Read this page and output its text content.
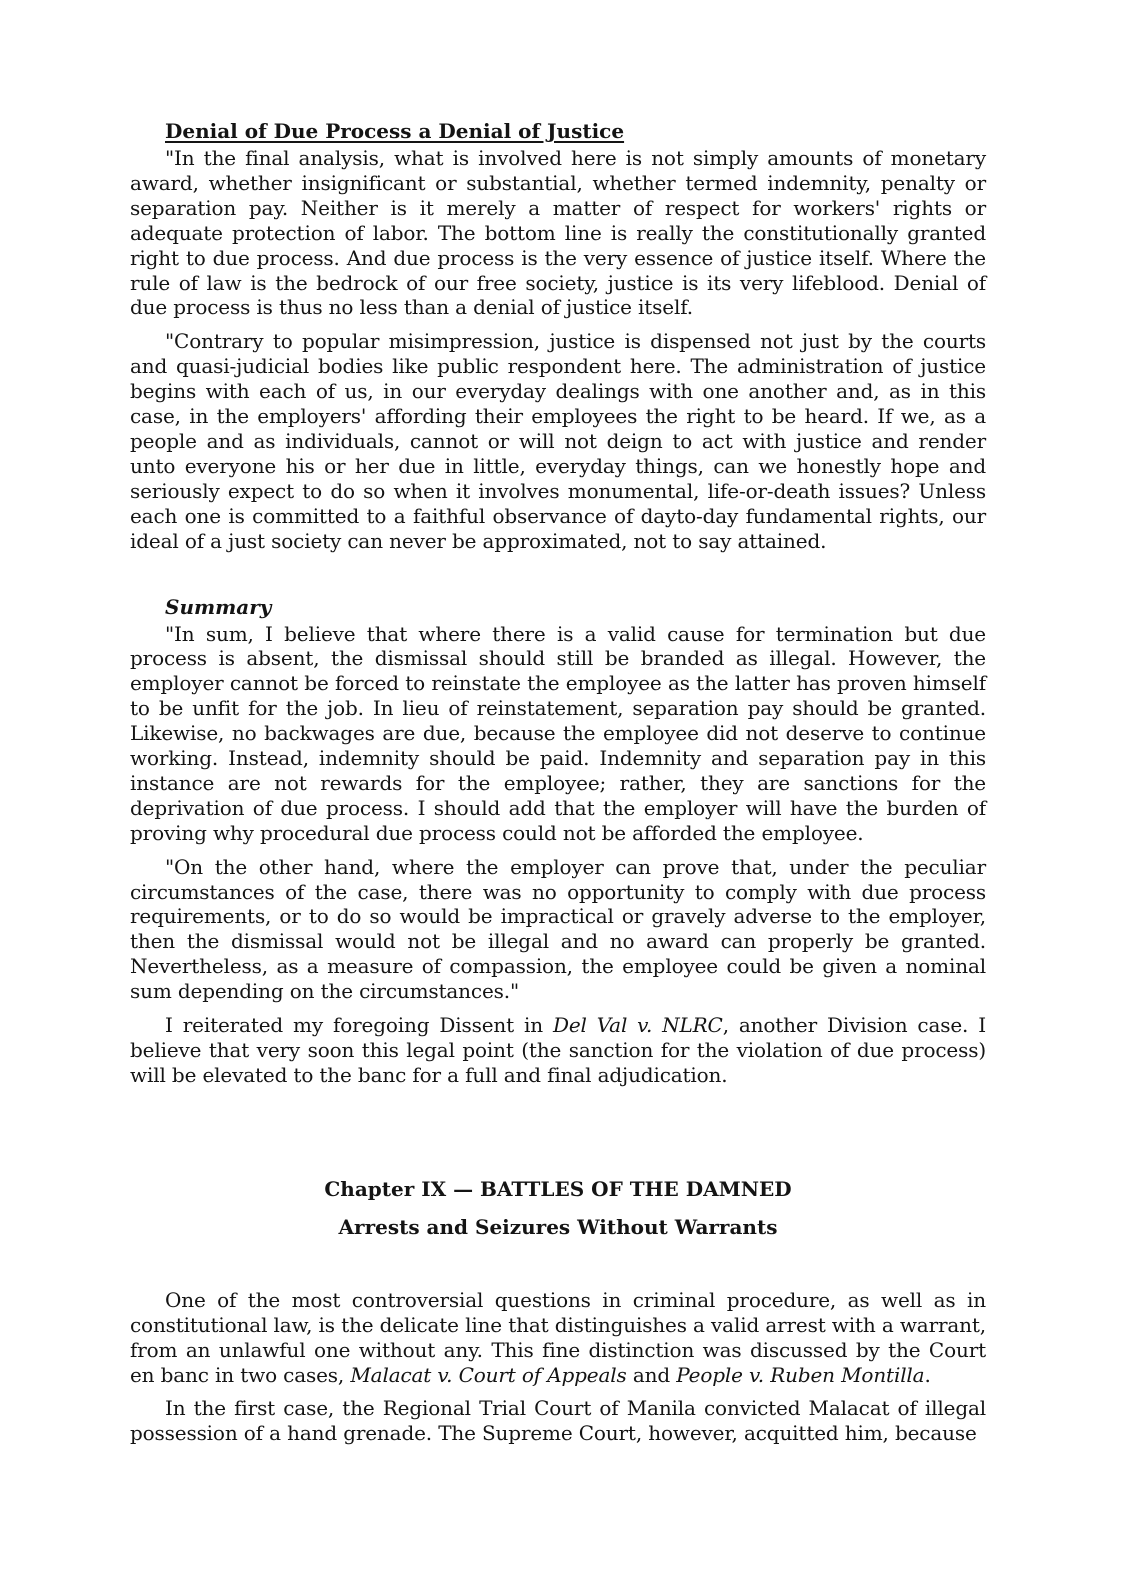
Denial of Due Process a Denial of Justice

"In the final analysis, what is involved here is not simply amounts of monetary award, whether insignificant or substantial, whether termed indemnity, penalty or separation pay. Neither is it merely a matter of respect for workers' rights or adequate protection of labor. The bottom line is really the constitutionally granted right to due process. And due process is the very essence of justice itself. Where the rule of law is the bedrock of our free society, justice is its very lifeblood. Denial of due process is thus no less than a denial of justice itself.

"Contrary to popular misimpression, justice is dispensed not just by the courts and quasi-judicial bodies like public respondent here. The administration of justice begins with each of us, in our everyday dealings with one another and, as in this case, in the employers' affording their employees the right to be heard. If we, as a people and as individuals, cannot or will not deign to act with justice and render unto everyone his or her due in little, everyday things, can we honestly hope and seriously expect to do so when it involves monumental, life-or-death issues? Unless each one is committed to a faithful observance of dayto-day fundamental rights, our ideal of a just society can never be approximated, not to say attained.

Summary

"In sum, I believe that where there is a valid cause for termination but due process is absent, the dismissal should still be branded as illegal. However, the employer cannot be forced to reinstate the employee as the latter has proven himself to be unfit for the job. In lieu of reinstatement, separation pay should be granted. Likewise, no backwages are due, because the employee did not deserve to continue working. Instead, indemnity should be paid. Indemnity and separation pay in this instance are not rewards for the employee; rather, they are sanctions for the deprivation of due process. I should add that the employer will have the burden of proving why procedural due process could not be afforded the employee.

"On the other hand, where the employer can prove that, under the peculiar circumstances of the case, there was no opportunity to comply with due process requirements, or to do so would be impractical or gravely adverse to the employer, then the dismissal would not be illegal and no award can properly be granted. Nevertheless, as a measure of compassion, the employee could be given a nominal sum depending on the circumstances."

I reiterated my foregoing Dissent in Del Val v. NLRC, another Division case. I believe that very soon this legal point (the sanction for the violation of due process) will be elevated to the banc for a full and final adjudication.

Chapter IX — BATTLES OF THE DAMNED
Arrests and Seizures Without Warrants

One of the most controversial questions in criminal procedure, as well as in constitutional law, is the delicate line that distinguishes a valid arrest with a warrant, from an unlawful one without any. This fine distinction was discussed by the Court en banc in two cases, Malacat v. Court of Appeals and People v. Ruben Montilla.

In the first case, the Regional Trial Court of Manila convicted Malacat of illegal possession of a hand grenade. The Supreme Court, however, acquitted him, because
